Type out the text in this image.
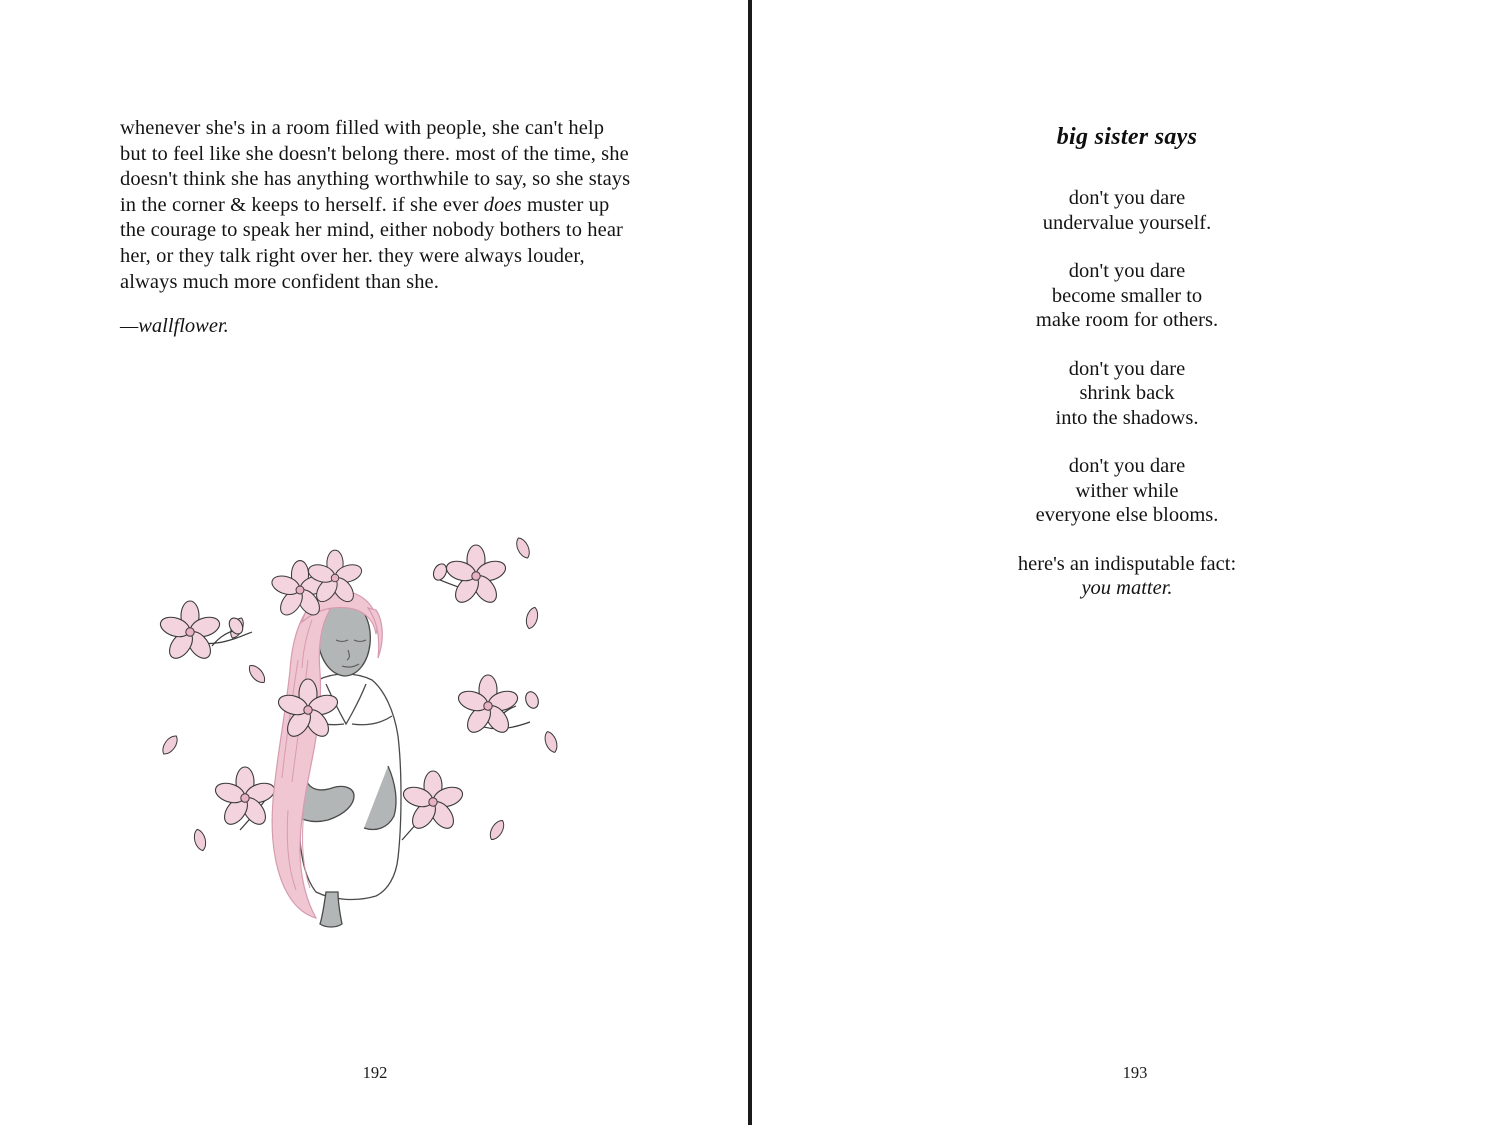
whenever she's in a room filled with people, she can't help but to feel like she doesn't belong there. most of the time, she doesn't think she has anything worthwhile to say, so she stays in the corner & keeps to herself. if she ever does muster up the courage to speak her mind, either nobody bothers to hear her, or they talk right over her. they were always louder, always much more confident than she.
—wallflower.
192
big sister says
don't you dare
undervalue yourself.
don't you dare
become smaller to
make room for others.
don't you dare
shrink back
into the shadows.
don't you dare
wither while
everyone else blooms.
here's an indisputable fact:
you matter.
193
